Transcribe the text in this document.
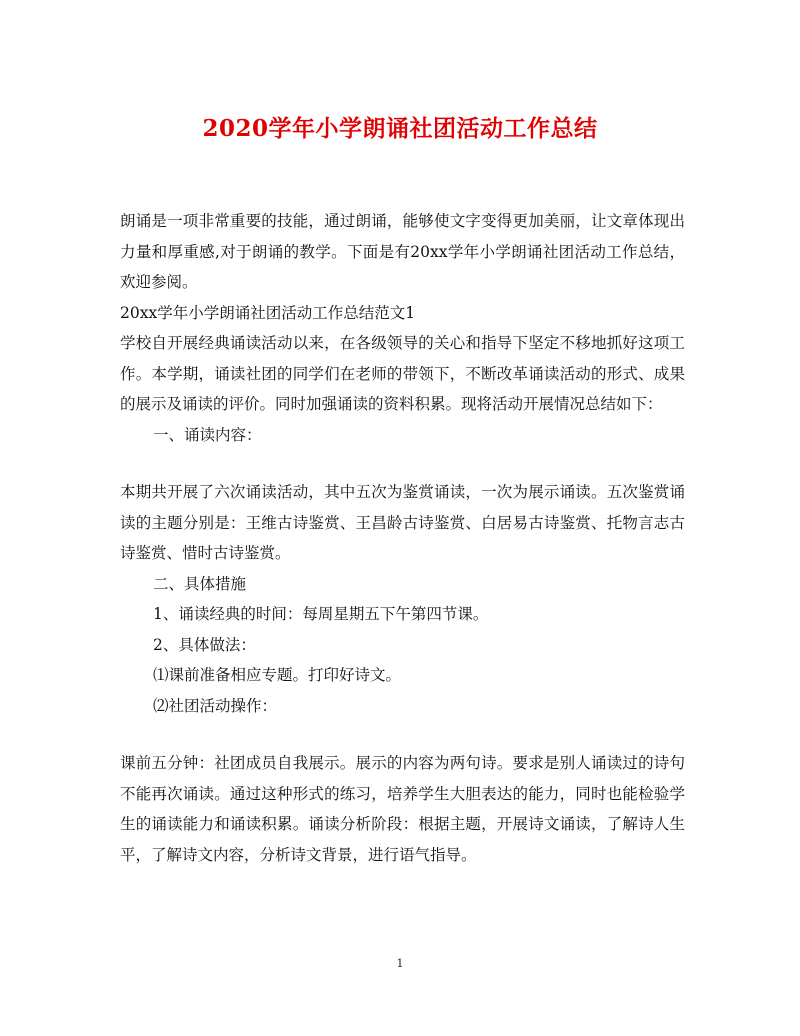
2020学年小学朗诵社团活动工作总结

朗诵是一项非常重要的技能，通过朗诵，能够使文字变得更加美丽，让文章体现出力量和厚重感,对于朗诵的教学。下面是有20xx学年小学朗诵社团活动工作总结，欢迎参阅。

20xx学年小学朗诵社团活动工作总结范文1

学校自开展经典诵读活动以来，在各级领导的关心和指导下坚定不移地抓好这项工作。本学期，诵读社团的同学们在老师的带领下，不断改革诵读活动的形式、成果的展示及诵读的评价。同时加强诵读的资料积累。现将活动开展情况总结如下：

一、诵读内容：

本期共开展了六次诵读活动，其中五次为鉴赏诵读，一次为展示诵读。五次鉴赏诵读的主题分别是：王维古诗鉴赏、王昌龄古诗鉴赏、白居易古诗鉴赏、托物言志古诗鉴赏、惜时古诗鉴赏。

二、具体措施

1、诵读经典的时间：每周星期五下午第四节课。

2、具体做法：

⑴课前准备相应专题。打印好诗文。

⑵社团活动操作：

课前五分钟：社团成员自我展示。展示的内容为两句诗。要求是别人诵读过的诗句不能再次诵读。通过这种形式的练习，培养学生大胆表达的能力，同时也能检验学生的诵读能力和诵读积累。诵读分析阶段：根据主题，开展诗文诵读，了解诗人生平，了解诗文内容，分析诗文背景，进行语气指导。

1
